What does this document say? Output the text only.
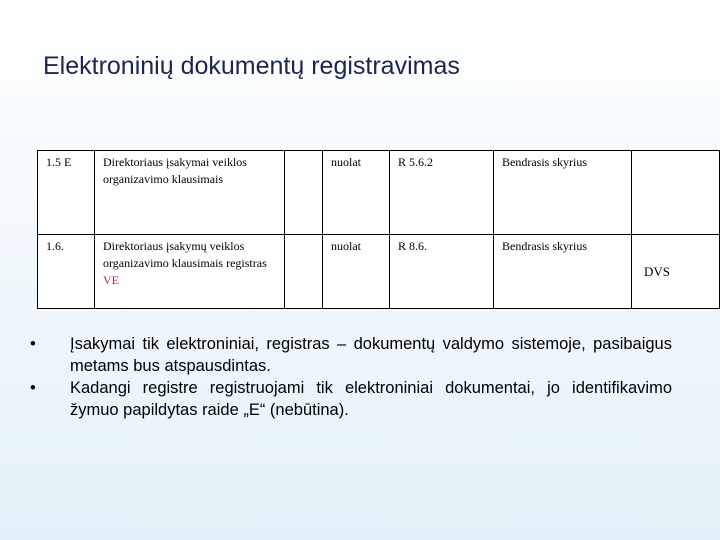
Elektroninių dokumentų registravimas
1.5 E	Direktoriaus įsakymai veiklos organizavimo klausimais		nuolat	R 5.6.2	Bendrasis skyrius	
1.6.	Direktoriaus įsakymų veiklos organizavimo klausimais registras VE		nuolat	R 8.6.	Bendrasis skyrius	DVS
•	Įsakymai tik elektroniniai, registras – dokumentų valdymo sistemoje, pasibaigus metams bus atspausdintas.
•	Kadangi registre registruojami tik elektroniniai dokumentai, jo identifikavimo žymuo papildytas raide „E“ (nebūtina).
